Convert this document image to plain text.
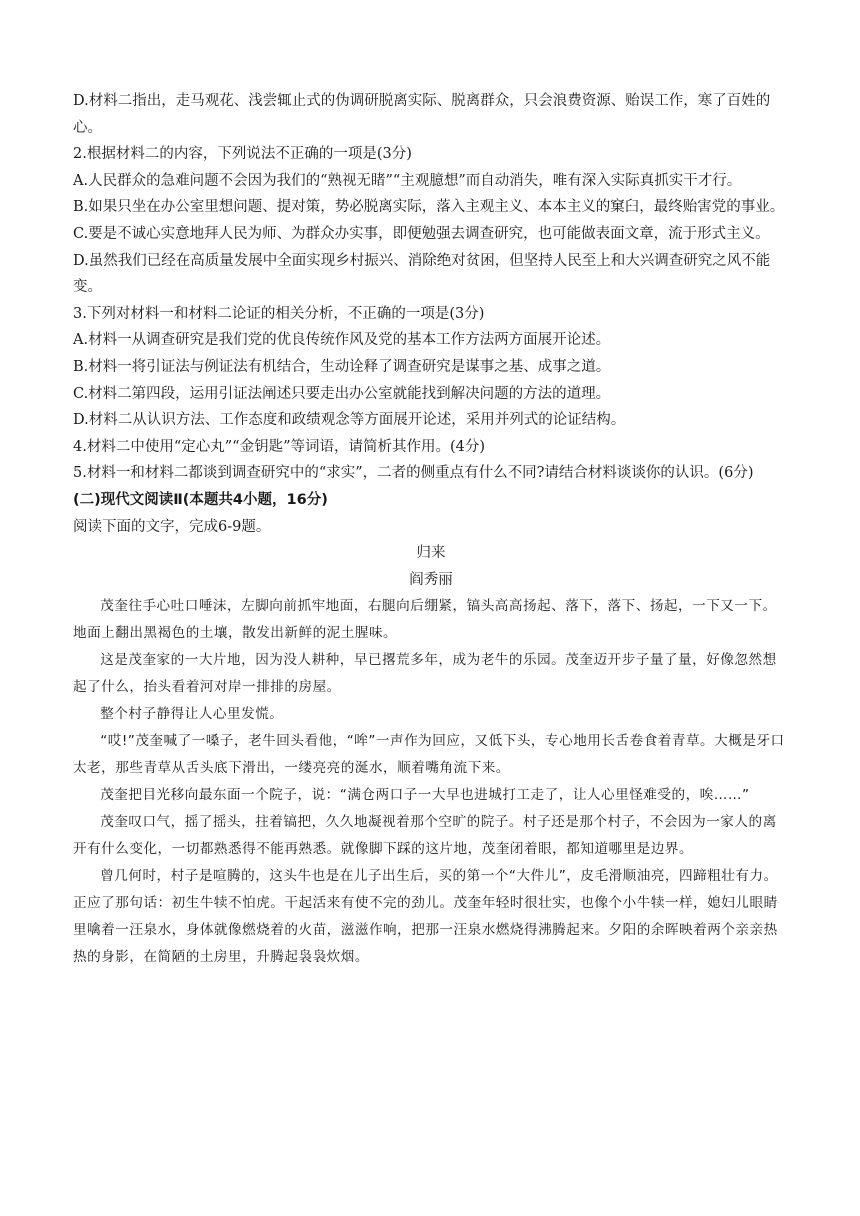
D.材料二指出，走马观花、浅尝辄止式的伪调研脱离实际、脱离群众，只会浪费资源、贻误工作，寒了百姓的心。

2.根据材料二的内容，下列说法不正确的一项是(3分)

A.人民群众的急难问题不会因为我们的“熟视无睹”“主观臆想”而自动消失，唯有深入实际真抓实干才行。

B.如果只坐在办公室里想问题、提对策，势必脱离实际，落入主观主义、本本主义的窠臼，最终贻害党的事业。

C.要是不诚心实意地拜人民为师、为群众办实事，即便勉强去调查研究，也可能做表面文章，流于形式主义。

D.虽然我们已经在高质量发展中全面实现乡村振兴、消除绝对贫困，但坚持人民至上和大兴调查研究之风不能变。

3.下列对材料一和材料二论证的相关分析，不正确的一项是(3分)

A.材料一从调查研究是我们党的优良传统作风及党的基本工作方法两方面展开论述。

B.材料一将引证法与例证法有机结合，生动诠释了调查研究是谋事之基、成事之道。

C.材料二第四段，运用引证法阐述只要走出办公室就能找到解决问题的方法的道理。

D.材料二从认识方法、工作态度和政绩观念等方面展开论述，采用并列式的论证结构。

4.材料二中使用“定心丸”“金钥匙”等词语，请简析其作用。(4分)

5.材料一和材料二都谈到调查研究中的“求实”，二者的侧重点有什么不同?请结合材料谈谈你的认识。(6分)

(二)现代文阅读Ⅱ(本题共4小题，16分)

阅读下面的文字，完成6-9题。

归来

阎秀丽

茂奎往手心吐口唾沫，左脚向前抓牢地面，右腿向后绷紧，镐头高高扬起、落下，落下、扬起，一下又一下。地面上翻出黑褐色的土壤，散发出新鲜的泥土腥味。

这是茂奎家的一大片地，因为没人耕种，早已撂荒多年，成为老牛的乐园。茂奎迈开步子量了量，好像忽然想起了什么，抬头看着河对岸一排排的房屋。

整个村子静得让人心里发慌。

“哎!”茂奎喊了一嗓子，老牛回头看他，“哞”一声作为回应，又低下头，专心地用长舌卷食着青草。大概是牙口太老，那些青草从舌头底下滑出，一缕亮亮的涎水，顺着嘴角流下来。

茂奎把目光移向最东面一个院子，说：“满仓两口子一大早也进城打工走了，让人心里怪难受的，唉……”

茂奎叹口气，摇了摇头，拄着镐把，久久地凝视着那个空旷的院子。村子还是那个村子，不会因为一家人的离开有什么变化，一切都熟悉得不能再熟悉。就像脚下踩的这片地，茂奎闭着眼，都知道哪里是边界。

曾几何时，村子是喧腾的，这头牛也是在儿子出生后，买的第一个“大件儿”，皮毛滑顺油亮，四蹄粗壮有力。正应了那句话：初生牛犊不怕虎。干起活来有使不完的劲儿。茂奎年轻时很壮实，也像个小牛犊一样，媳妇儿眼睛里噙着一汪泉水，身体就像燃烧着的火苗，滋滋作响，把那一汪泉水燃烧得沸腾起来。夕阳的余晖映着两个亲亲热热的身影，在简陋的土房里，升腾起袅袅炊烟。
